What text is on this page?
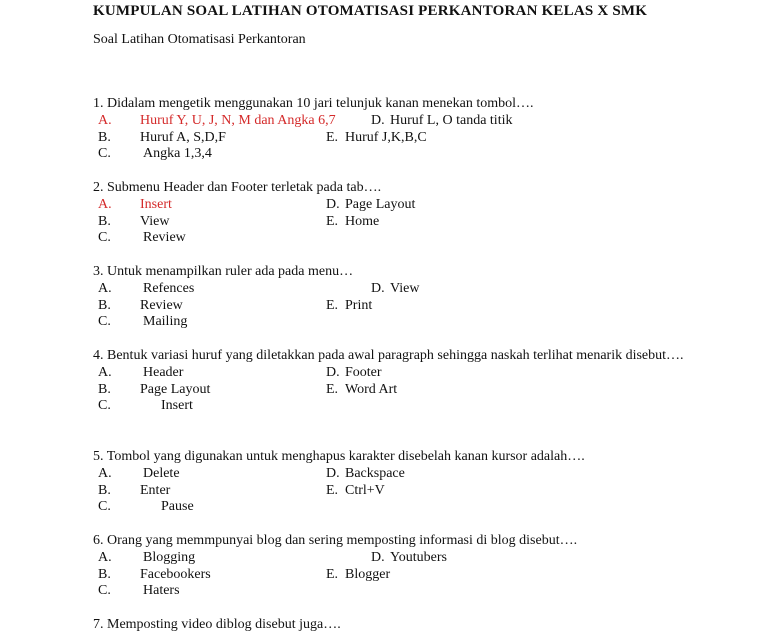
KUMPULAN SOAL LATIHAN OTOMATISASI PERKANTORAN KELAS X SMK
Soal Latihan Otomatisasi Perkantoran
1. Didalam mengetik menggunakan 10 jari telunjuk kanan menekan tombol….
A. Huruf Y, U, J, N, M dan Angka 6,7	D. Huruf L, O tanda titik
B. Huruf A, S,D,F	E. Huruf J,K,B,C
C. Angka 1,3,4
2. Submenu Header dan Footer terletak pada tab….
A. Insert	D. Page Layout
B. View	E. Home
C. Review
3. Untuk menampilkan ruler ada pada menu…
A. Refences	D. View
B. Review	E. Print
C. Mailing
4. Bentuk variasi huruf yang diletakkan pada awal paragraph sehingga naskah terlihat menarik disebut….
A. Header	D. Footer
B. Page Layout	E. Word Art
C.	Insert
5. Tombol yang digunakan untuk menghapus karakter disebelah kanan kursor adalah….
A. Delete	D. Backspace
B. Enter	E. Ctrl+V
C.	Pause
6. Orang yang memmpunyai blog dan sering memposting informasi di blog disebut….
A. Blogging	D. Youtubers
B. Facebookers	E. Blogger
C. Haters
7. Memposting video diblog disebut juga….
